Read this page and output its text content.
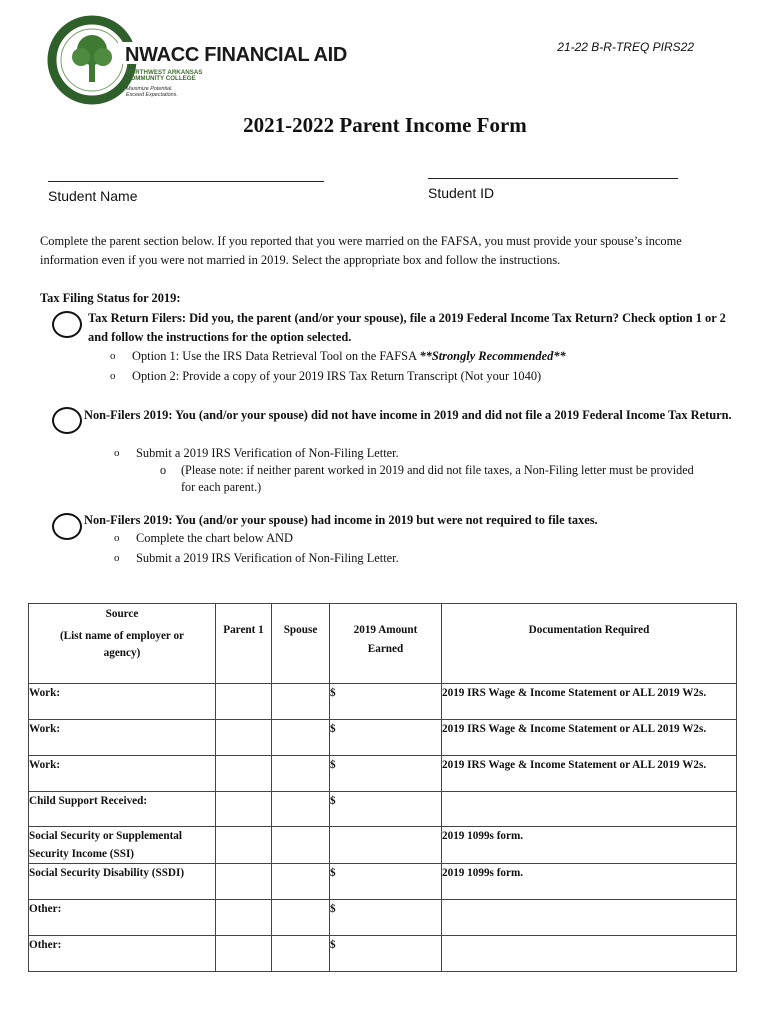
NWACC FINANCIAL AID
NORTHWEST ARKANSAS
COMMUNITY COLLEGE
Maximize Potential.
Exceed Expectations.
21-22 B-R-TREQ PIRS22
2021-2022 Parent Income Form
Student Name	Student ID
Complete the parent section below. If you reported that you were married on the FAFSA, you must provide your spouse’s income information even if you were not married in 2019. Select the appropriate box and follow the instructions.
Tax Filing Status for 2019:
Tax Return Filers: Did you, the parent (and/or your spouse), file a 2019 Federal Income Tax Return? Check option 1 or 2 and follow the instructions for the option selected.
o Option 1: Use the IRS Data Retrieval Tool on the FAFSA **Strongly Recommended**
o Option 2: Provide a copy of your 2019 IRS Tax Return Transcript (Not your 1040)
Non-Filers 2019: You (and/or your spouse) did not have income in 2019 and did not file a 2019 Federal Income Tax Return.
o Submit a 2019 IRS Verification of Non-Filing Letter.
o (Please note: if neither parent worked in 2019 and did not file taxes, a Non-Filing letter must be provided for each parent.)
Non-Filers 2019: You (and/or your spouse) had income in 2019 but were not required to file taxes.
o Complete the chart below AND
o Submit a 2019 IRS Verification of Non-Filing Letter.
Source
(List name of employer or agency)	Parent 1	Spouse	2019 Amount Earned	Documentation Required

Work:			$	2019 IRS Wage & Income Statement or ALL 2019 W2s.
Work:			$	2019 IRS Wage & Income Statement or ALL 2019 W2s.
Work:			$	2019 IRS Wage & Income Statement or ALL 2019 W2s.
Child Support Received:			$	
Social Security or Supplemental Security Income (SSI)				2019 1099s form.
Social Security Disability (SSDI)			$	2019 1099s form.
Other:			$	
Other:			$	
